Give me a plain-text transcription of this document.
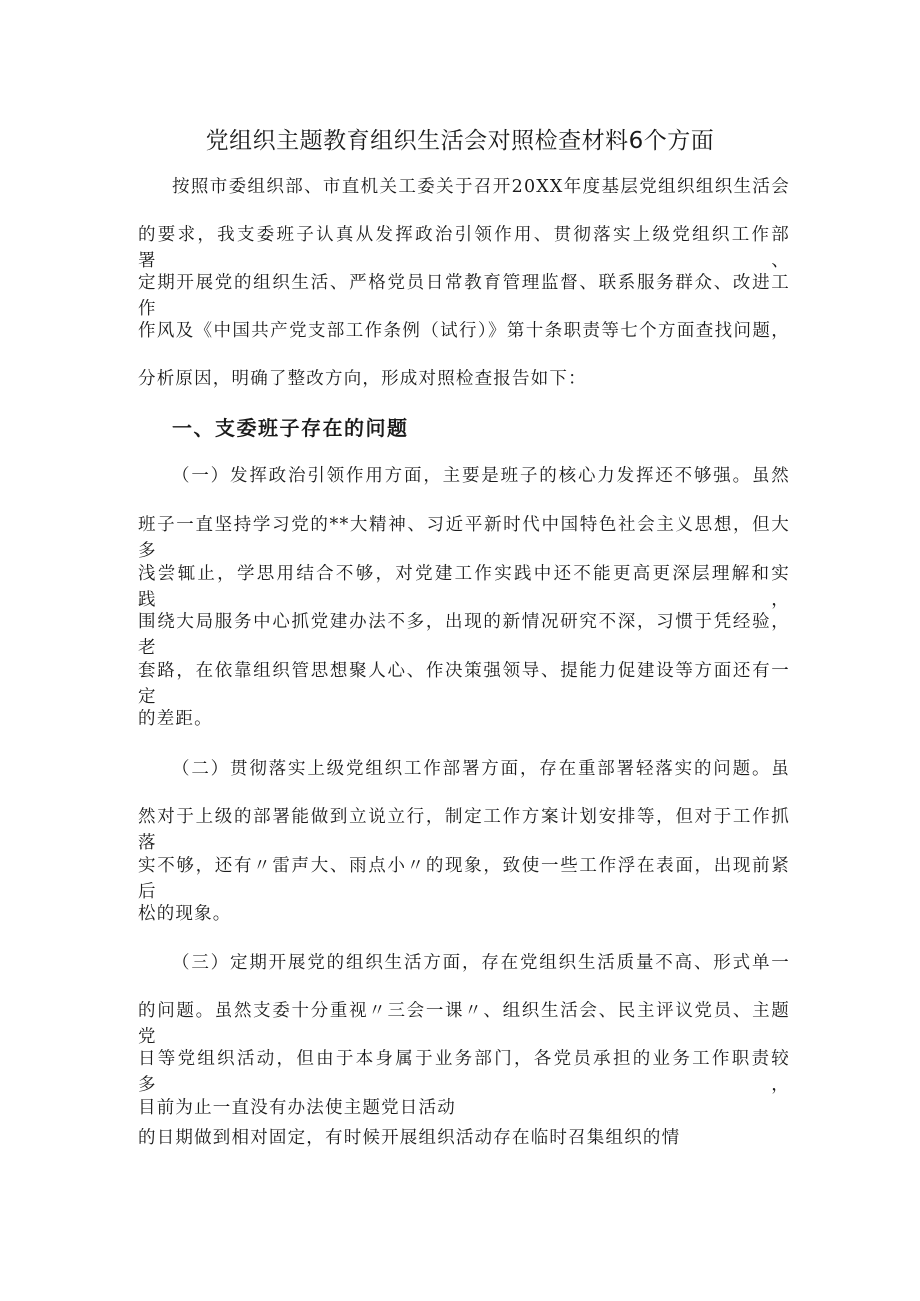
党组织主题教育组织生活会对照检查材料6个方面

按照市委组织部、市直机关工委关于召开20XX年度基层党组织组织生活会

的要求，我支委班子认真从发挥政治引领作用、贯彻落实上级党组织工作部署、

定期开展党的组织生活、严格党员日常教育管理监督、联系服务群众、改进工作

作风及《中国共产党支部工作条例（试行）》第十条职责等七个方面查找问题，

分析原因，明确了整改方向，形成对照检查报告如下：

一、支委班子存在的问题

（一）发挥政治引领作用方面，主要是班子的核心力发挥还不够强。虽然

班子一直坚持学习党的**大精神、习近平新时代中国特色社会主义思想，但大多

浅尝辄止，学思用结合不够，对党建工作实践中还不能更高更深层理解和实践，

围绕大局服务中心抓党建办法不多，出现的新情况研究不深，习惯于凭经验，老

套路，在依靠组织管思想聚人心、作决策强领导、提能力促建设等方面还有一定

的差距。

（二）贯彻落实上级党组织工作部署方面，存在重部署轻落实的问题。虽

然对于上级的部署能做到立说立行，制定工作方案计划安排等，但对于工作抓落

实不够，还有〃雷声大、雨点小〃的现象，致使一些工作浮在表面，出现前紧后

松的现象。

（三）定期开展党的组织生活方面，存在党组织生活质量不高、形式单一

的问题。虽然支委十分重视〃三会一课〃、组织生活会、民主评议党员、主题党

日等党组织活动，但由于本身属于业务部门，各党员承担的业务工作职责较多，

目前为止一直没有办法使主题党日活动

的日期做到相对固定，有时候开展组织活动存在临时召集组织的情
